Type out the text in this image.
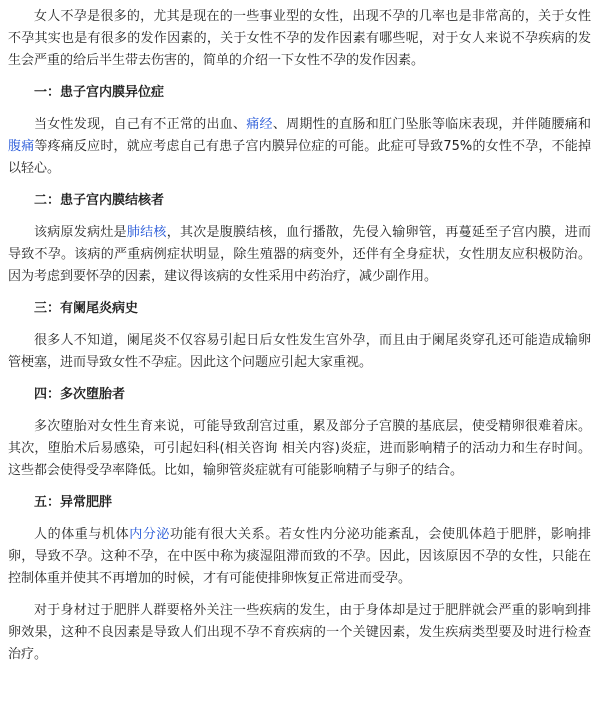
女人不孕是很多的，尤其是现在的一些事业型的女性，出现不孕的几率也是非常高的，关于女性不孕其实也是有很多的发作因素的，关于女性不孕的发作因素有哪些呢，对于女人来说不孕疾病的发生会严重的给后半生带去伤害的，简单的介绍一下女性不孕的发作因素。

一：患子宫内膜异位症

当女性发现，自己有不正常的出血、痛经、周期性的直肠和肛门坠胀等临床表现，并伴随腰痛和腹痛等疼痛反应时，就应考虑自己有患子宫内膜异位症的可能。此症可导致75%的女性不孕，不能掉以轻心。

二：患子宫内膜结核者

该病原发病灶是肺结核，其次是腹膜结核，血行播散，先侵入输卵管，再蔓延至子宫内膜，进而导致不孕。该病的严重病例症状明显，除生殖器的病变外，还伴有全身症状，女性朋友应积极防治。因为考虑到要怀孕的因素，建议得该病的女性采用中药治疗，减少副作用。

三：有阑尾炎病史

很多人不知道，阑尾炎不仅容易引起日后女性发生宫外孕，而且由于阑尾炎穿孔还可能造成输卵管梗塞，进而导致女性不孕症。因此这个问题应引起大家重视。

四：多次堕胎者

多次堕胎对女性生育来说，可能导致刮宫过重，累及部分子宫膜的基底层，使受精卵很难着床。其次，堕胎术后易感染，可引起妇科(相关咨询 相关内容)炎症，进而影响精子的活动力和生存时间。这些都会使得受孕率降低。比如，输卵管炎症就有可能影响精子与卵子的结合。

五：异常肥胖

人的体重与机体内分泌功能有很大关系。若女性内分泌功能紊乱，会使肌体趋于肥胖，影响排卵，导致不孕。这种不孕，在中医中称为痰湿阻滞而致的不孕。因此，因该原因不孕的女性，只能在控制体重并使其不再增加的时候，才有可能使排卵恢复正常进而受孕。

对于身材过于肥胖人群要格外关注一些疾病的发生，由于身体却是过于肥胖就会严重的影响到排卵效果，这种不良因素是导致人们出现不孕不育疾病的一个关键因素，发生疾病类型要及时进行检查治疗。
